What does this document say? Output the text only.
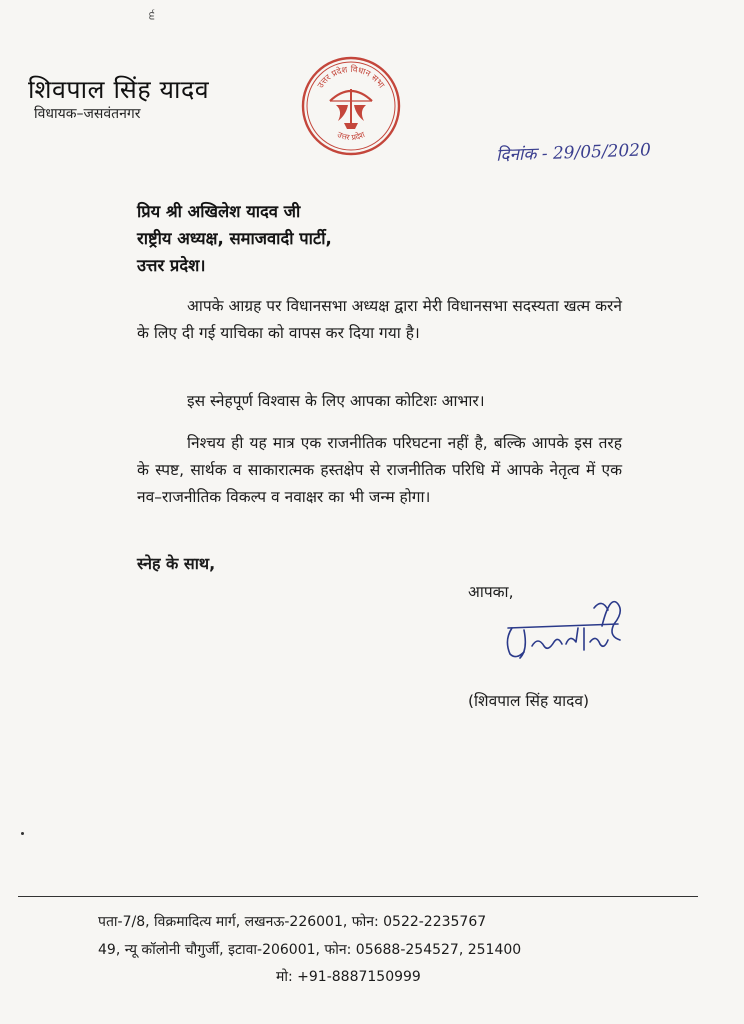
੬
शिवपाल सिंह यादव
विधायक–जसवंतनगर
उत्तर प्रदेश विधान सभा
उत्तर प्रदेश
दिनांक - 29/05/2020
प्रिय श्री अखिलेश यादव जी
राष्ट्रीय अध्यक्ष, समाजवादी पार्टी,
उत्तर प्रदेश।

आपके आग्रह पर विधानसभा अध्यक्ष द्वारा मेरी विधानसभा सदस्यता खत्म करने के लिए दी गई याचिका को वापस कर दिया गया है।

इस स्नेहपूर्ण विश्वास के लिए आपका कोटिशः आभार।

निश्चय ही यह मात्र एक राजनीतिक परिघटना नहीं है, बल्कि आपके इस तरह के स्पष्ट, सार्थक व साकारात्मक हस्तक्षेप से राजनीतिक परिधि में आपके नेतृत्व में एक नव–राजनीतिक विकल्प व नवाक्षर का भी जन्म होगा।

स्नेह के साथ,
आपका,
(शिवपाल सिंह यादव)
पता-7/8, विक्रमादित्य मार्ग, लखनऊ-226001, फोन: 0522-2235767
49, न्यू कॉलोनी चौगुर्जी, इटावा-206001, फोन: 05688-254527, 251400
मो: +91-8887150999
